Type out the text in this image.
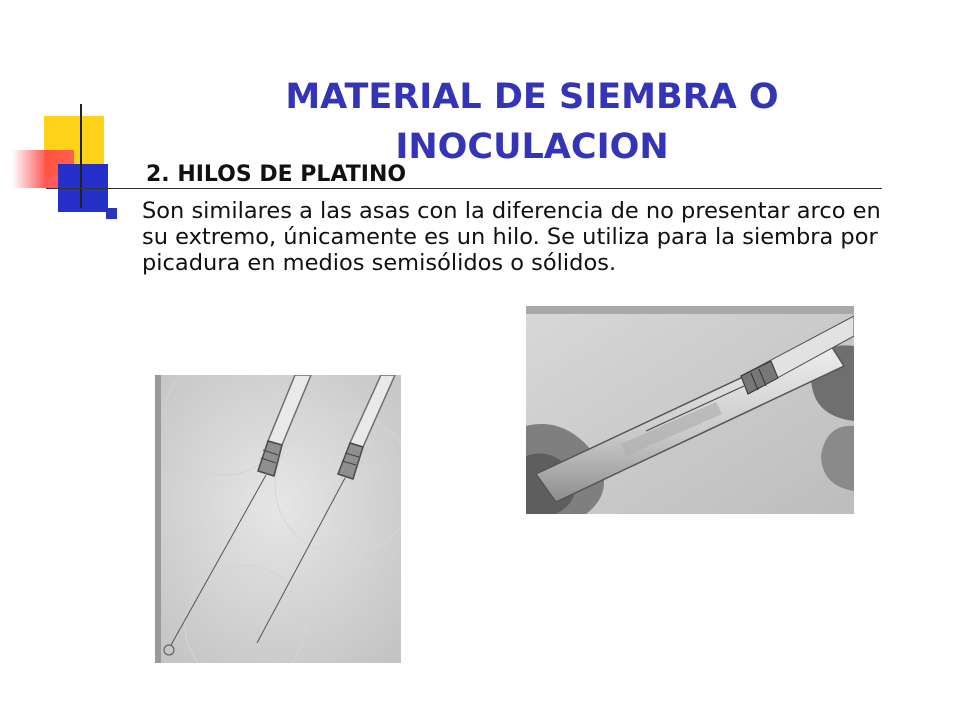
MATERIAL DE SIEMBRA O INOCULACION
2. HILOS DE PLATINO
Son similares a las asas con la diferencia de no presentar arco en su extremo, únicamente es un hilo. Se utiliza para la siembra por picadura en medios semisólidos o sólidos.
